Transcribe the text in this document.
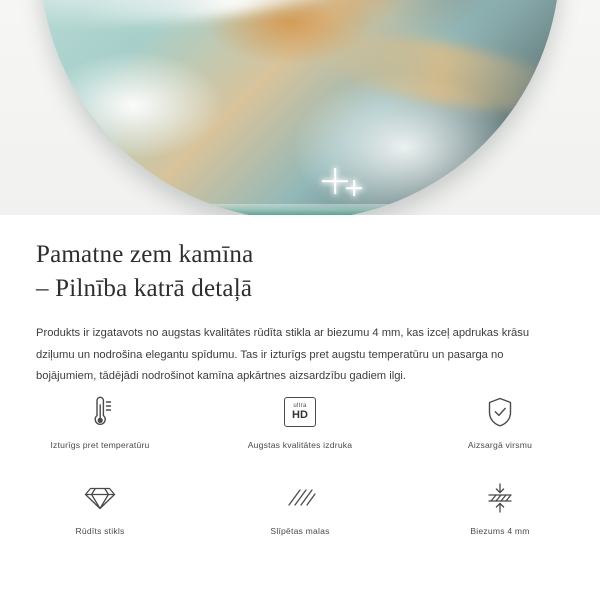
Pamatne zem kamīna
– Pilnība katrā detaļā

Produkts ir izgatavots no augstas kvalitātes rūdīta stikla ar biezumu 4 mm, kas izceļ apdrukas krāsu dziļumu un nodrošina elegantu spīdumu. Tas ir izturīgs pret augstu temperatūru un pasarga no bojājumiem, tādējādi nodrošinot kamīna apkārtnes aizsardzību gadiem ilgi.

Izturīgs pret temperatūru
ultra
HD
Augstas kvalitātes izdruka	Aizsargā virsmu
Rūdīts stikls	Slīpētas malas	Biezums 4 mm
